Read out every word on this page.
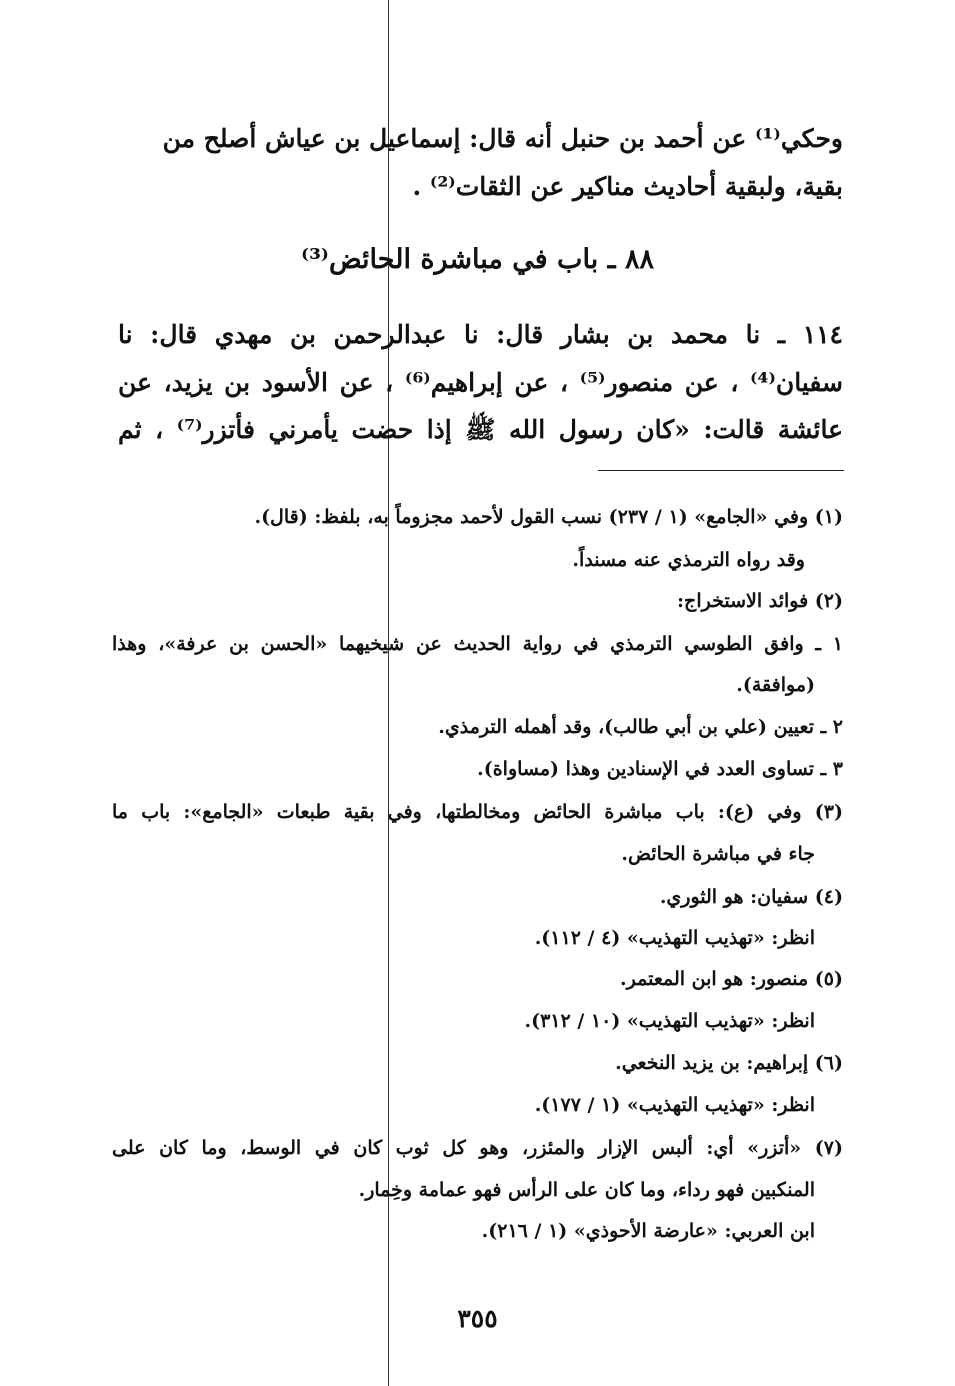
وحكي⁽¹⁾ عن أحمد بن حنبل أنه قال: إسماعيل بن عياش أصلح من
بقية، ولبقية أحاديث مناكير عن الثقات⁽²⁾ .
٨٨ ـ باب في مباشرة الحائض⁽³⁾
١١٤ ـ نا محمد بن بشار قال: نا عبدالرحمن بن مهدي قال: نا
سفيان⁽⁴⁾ ، عن منصور⁽⁵⁾ ، عن إبراهيم⁽⁶⁾ ، عن الأسود بن يزيد، عن
عائشة قالت: «كان رسول الله ﷺ إذا حضت يأمرني فأتزر⁽⁷⁾ ، ثم
(١) وفي «الجامع» (١ / ٢٣٧) نسب القول لأحمد مجزوماً به، بلفظ: (قال).
وقد رواه الترمذي عنه مسنداً.
(٢) فوائد الاستخراج:
١ ـ وافق الطوسي الترمذي في رواية الحديث عن شيخيهما «الحسن بن عرفة»، وهذا
(موافقة).
٢ ـ تعيين (علي بن أبي طالب)، وقد أهمله الترمذي.
٣ ـ تساوى العدد في الإسنادين وهذا (مساواة).
(٣) وفي (ع): باب مباشرة الحائض ومخالطتها، وفي بقية طبعات «الجامع»: باب ما
جاء في مباشرة الحائض.
(٤) سفيان: هو الثوري.
انظر: «تهذيب التهذيب» (٤ / ١١٢).
(٥) منصور: هو ابن المعتمر.
انظر: «تهذيب التهذيب» (١٠ / ٣١٢).
(٦) إبراهيم: بن يزيد النخعي.
انظر: «تهذيب التهذيب» (١ / ١٧٧).
(٧) «أتزر» أي: ألبس الإزار والمئزر، وهو كل ثوب كان في الوسط، وما كان على
المنكبين فهو رداء، وما كان على الرأس فهو عمامة وخِمار.
ابن العربي: «عارضة الأحوذي» (١ / ٢١٦).
٣٥٥
